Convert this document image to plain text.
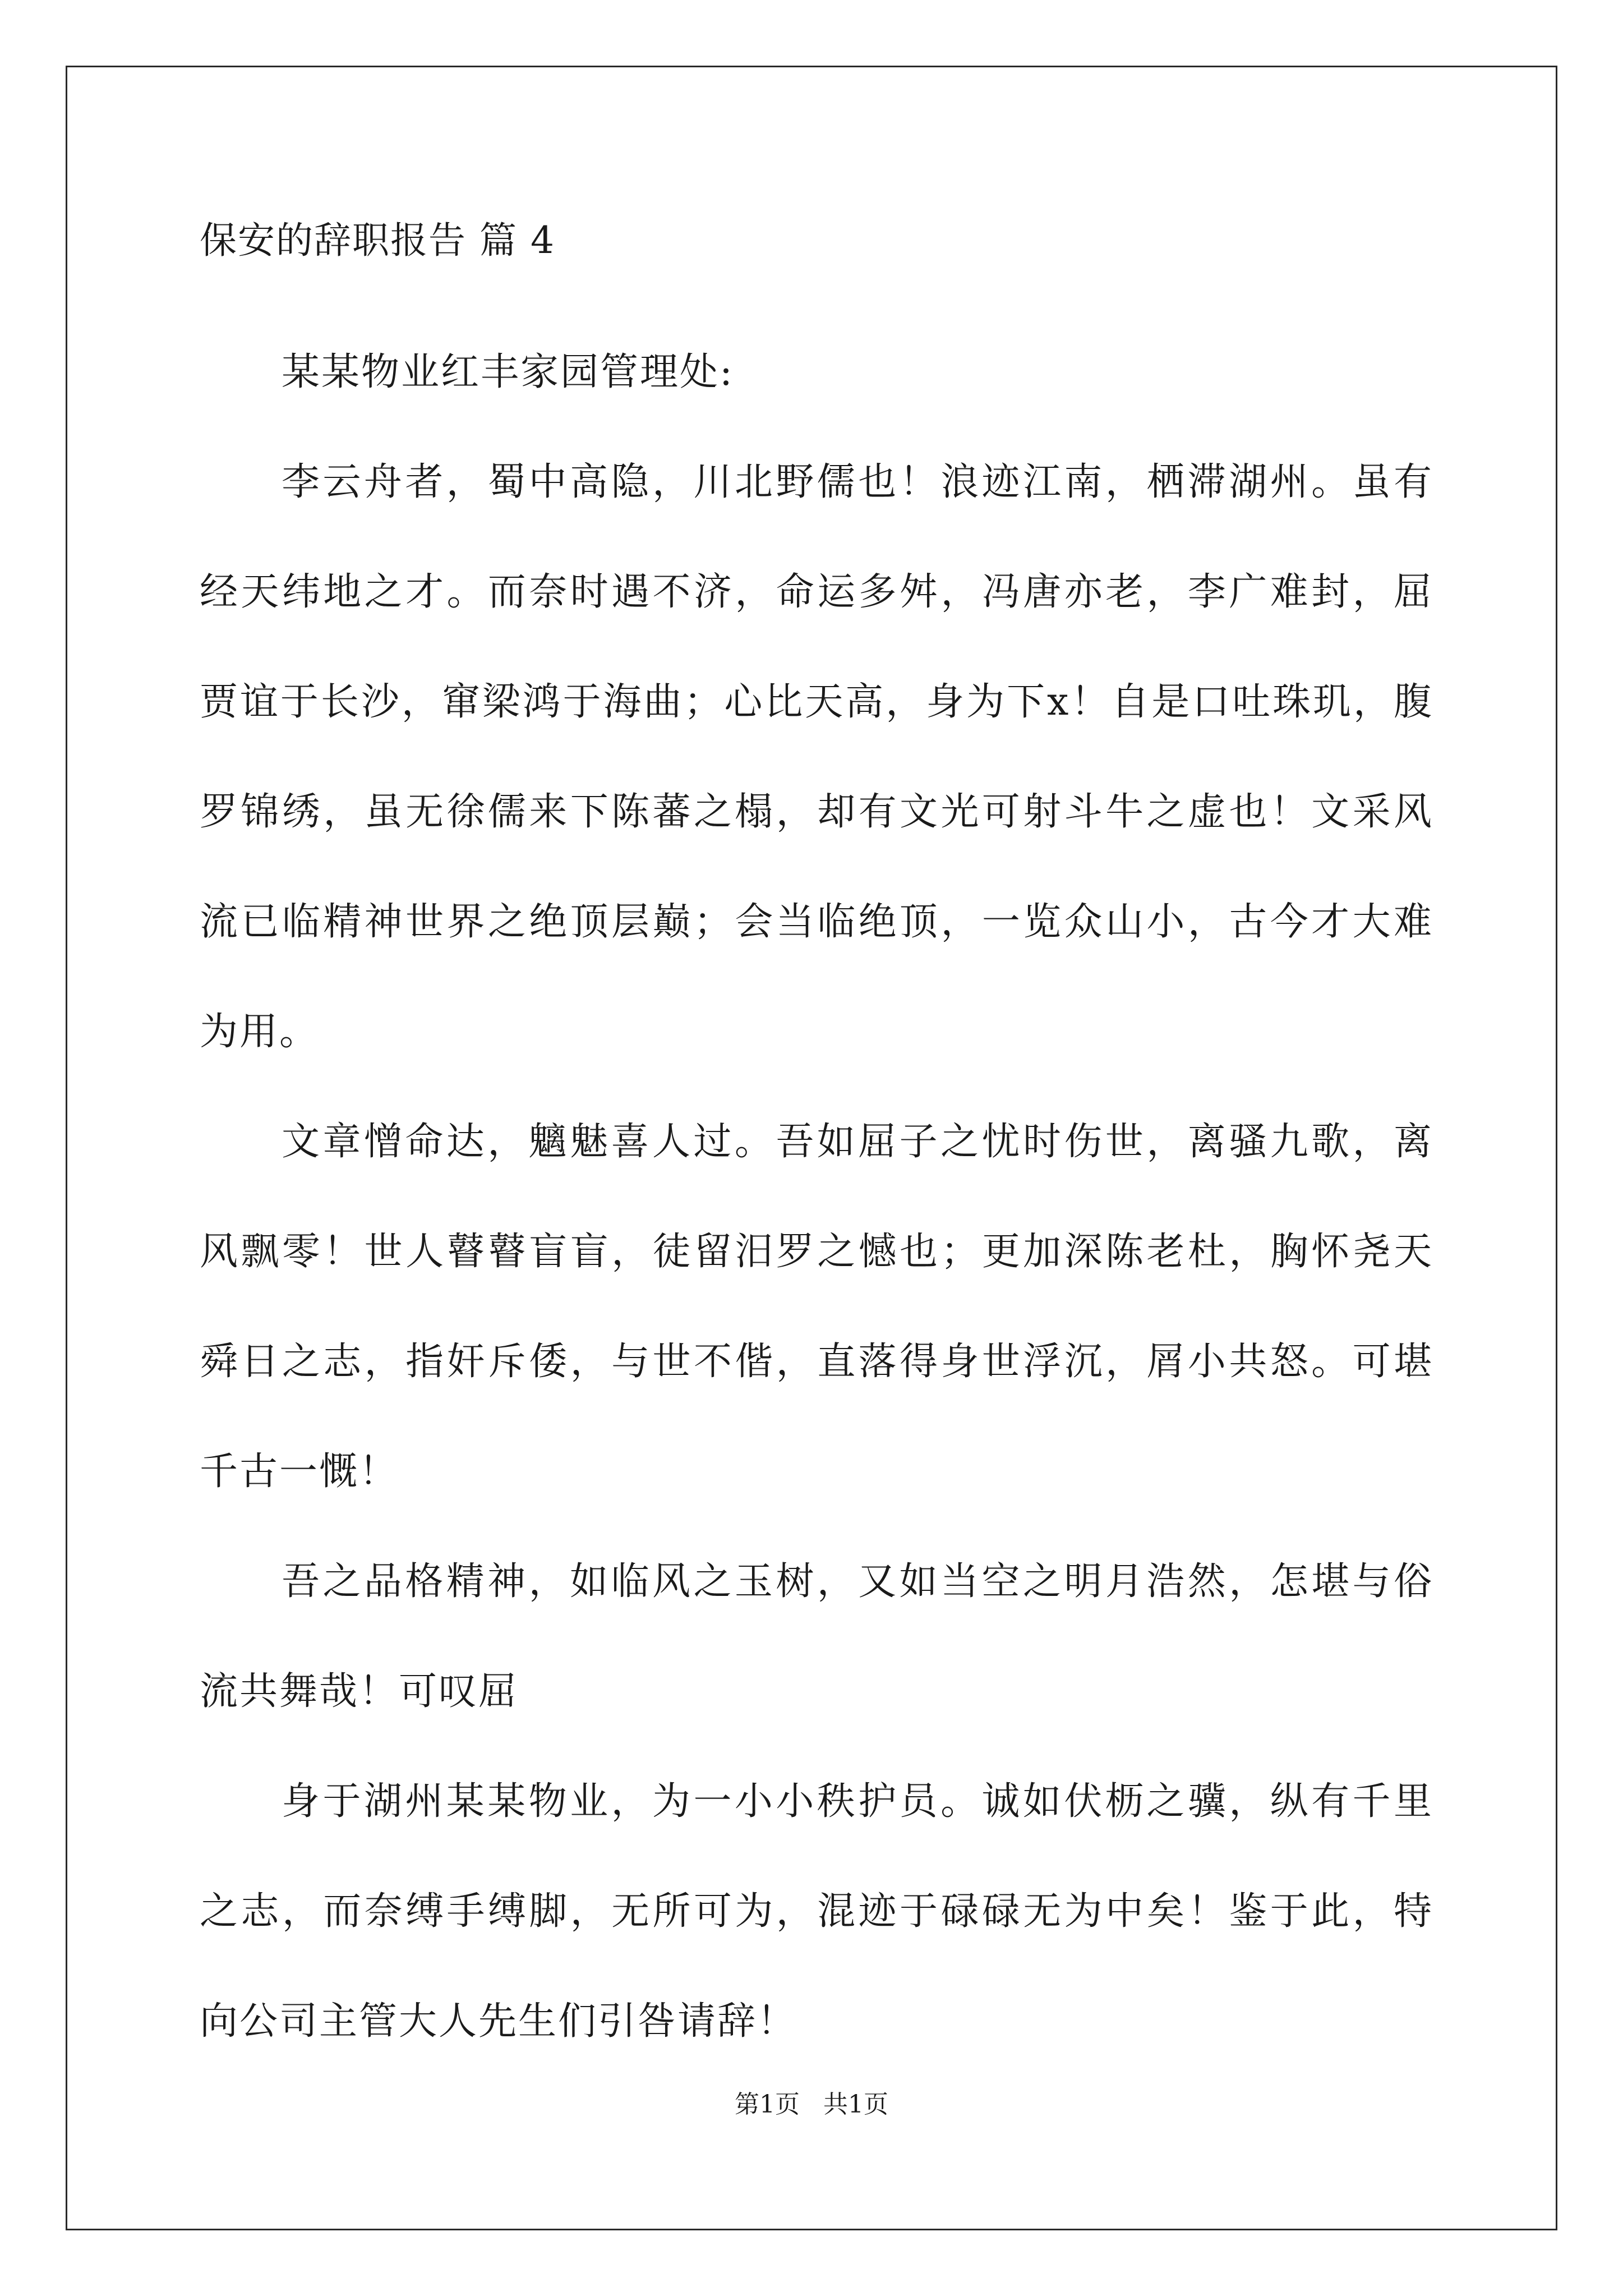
保安的辞职报告 篇 4

某某物业红丰家园管理处:

李云舟者，蜀中高隐，川北野儒也！浪迹江南，栖滞湖州。虽有经天纬地之才。而奈时遇不济，命运多舛，冯唐亦老，李广难封，屈贾谊于长沙，窜梁鸿于海曲；心比天高，身为下x！自是口吐珠玑，腹罗锦绣，虽无徐儒来下陈蕃之榻，却有文光可射斗牛之虚也！文采风流已临精神世界之绝顶层巅；会当临绝顶，一览众山小，古今才大难为用。

文章憎命达，魑魅喜人过。吾如屈子之忧时伤世，离骚九歌，离风飘零！世人瞽瞽盲盲，徒留汨罗之憾也；更加深陈老杜，胸怀尧天舜日之志，指奸斥倭，与世不偕，直落得身世浮沉，屑小共怒。可堪千古一慨！

吾之品格精神，如临风之玉树，又如当空之明月浩然，怎堪与俗流共舞哉！可叹屈

身于湖州某某物业，为一小小秩护员。诚如伏枥之骥，纵有千里之志，而奈缚手缚脚，无所可为，混迹于碌碌无为中矣！鉴于此，特向公司主管大人先生们引咎请辞！

第1页   共1页
